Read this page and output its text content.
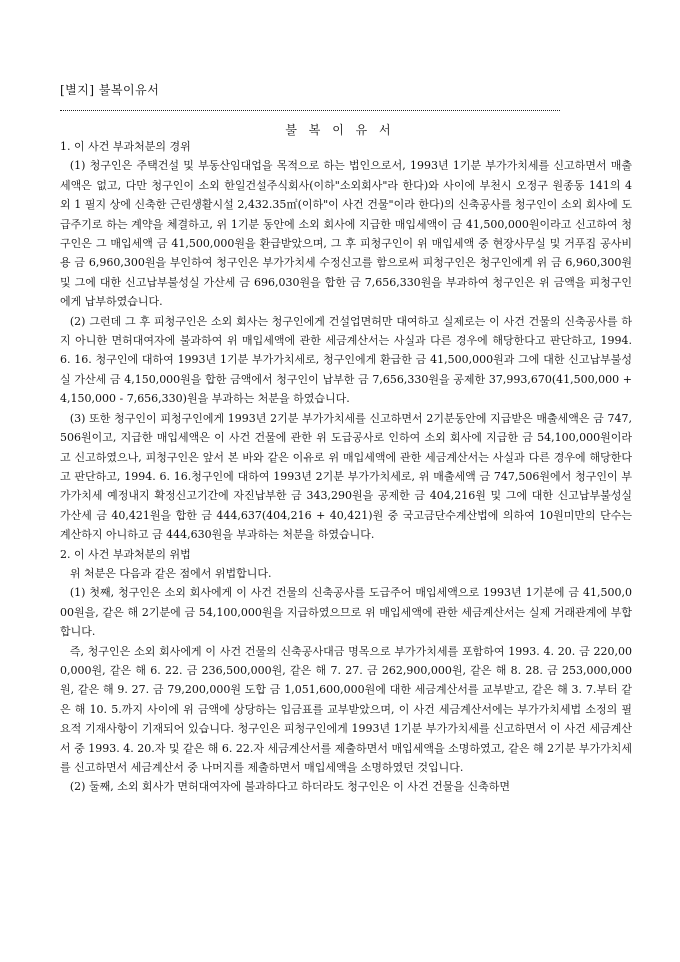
[별지] 불복이유서
불 복 이 유 서

1. 이 사건 부과처분의 경위

(1) 청구인은 주택건설 및 부동산임대업을 목적으로 하는 법인으로서, 1993년 1기분 부가가치세를 신고하면서 매출세액은 없고, 다만 청구인이 소외 한일건설주식회사(이하"소외회사"라 한다)와 사이에 부천시 오정구 원종동 141의 4 외 1 필지 상에 신축한 근린생활시설 2,432.35㎡(이하"이 사건 건물"이라 한다)의 신축공사를 청구인이 소외 회사에 도급주기로 하는 계약을 체결하고, 위 1기분 동안에 소외 회사에 지급한 매입세액이 금 41,500,000원이라고 신고하여 청구인은 그 매입세액 금 41,500,000원을 환급받았으며, 그 후 피청구인이 위 매입세액 중 현장사무실 및 거푸집 공사비용 금 6,960,300원을 부인하여 청구인은 부가가치세 수정신고를 함으로써 피청구인은 청구인에게 위 금 6,960,300원 및 그에 대한 신고납부불성실 가산세 금 696,030원을 합한 금 7,656,330원을 부과하여 청구인은 위 금액을 피청구인에게 납부하였습니다.

(2) 그런데 그 후 피청구인은 소외 회사는 청구인에게 건설업면허만 대여하고 실제로는 이 사건 건물의 신축공사를 하지 아니한 면허대여자에 불과하여 위 매입세액에 관한 세금계산서는 사실과 다른 경우에 해당한다고 판단하고, 1994. 6. 16. 청구인에 대하여 1993년 1기분 부가가치세로, 청구인에게 환급한 금 41,500,000원과 그에 대한 신고납부불성실 가산세 금 4,150,000원을 합한 금액에서 청구인이 납부한 금 7,656,330원을 공제한 37,993,670(41,500,000 + 4,150,000 - 7,656,330)원을 부과하는 처분을 하였습니다.

(3) 또한 청구인이 피청구인에게 1993년 2기분 부가가치세를 신고하면서 2기분동안에 지급받은 매출세액은 금 747,506원이고, 지급한 매입세액은 이 사건 건물에 관한 위 도급공사로 인하여 소외 회사에 지급한 금 54,100,000원이라고 신고하였으나, 피청구인은 앞서 본 바와 같은 이유로 위 매입세액에 관한 세금계산서는 사실과 다른 경우에 해당한다고 판단하고, 1994. 6. 16.청구인에 대하여 1993년 2기분 부가가치세로, 위 매출세액 금 747,506원에서 청구인이 부가가치세 예정내지 확정신고기간에 자진납부한 금 343,290원을 공제한 금 404,216원 및 그에 대한 신고납부불성실 가산세 금 40,421원을 합한 금 444,637(404,216 + 40,421)원 중 국고금단수계산법에 의하여 10원미만의 단수는 계산하지 아니하고 금 444,630원을 부과하는 처분을 하였습니다.

2. 이 사건 부과처분의 위법

위 처분은 다음과 같은 점에서 위법합니다.

(1) 첫째, 청구인은 소외 회사에게 이 사건 건물의 신축공사를 도급주어 매입세액으로 1993년 1기분에 금 41,500,000원을, 같은 해 2기분에 금 54,100,000원을 지급하였으므로 위 매입세액에 관한 세금계산서는 실제 거래관계에 부합합니다.

즉, 청구인은 소외 회사에게 이 사건 건물의 신축공사대금 명목으로 부가가치세를 포함하여 1993. 4. 20. 금 220,000,000원, 같은 해 6. 22. 금 236,500,000원, 같은 해 7. 27. 금 262,900,000원, 같은 해 8. 28. 금 253,000,000원, 같은 해 9. 27. 금 79,200,000원 도합 금 1,051,600,000원에 대한 세금계산서를 교부받고, 같은 해 3. 7.부터 같은 해 10. 5.까지 사이에 위 금액에 상당하는 입금표를 교부받았으며, 이 사건 세금계산서에는 부가가치세법 소정의 필요적 기재사항이 기재되어 있습니다. 청구인은 피청구인에게 1993년 1기분 부가가치세를 신고하면서 이 사건 세금계산서 중 1993. 4. 20.자 및 같은 해 6. 22.자 세금계산서를 제출하면서 매입세액을 소명하였고, 같은 해 2기분 부가가치세를 신고하면서 세금계산서 중 나머지를 제출하면서 매입세액을 소명하였던 것입니다.

(2) 둘째, 소외 회사가 면허대여자에 불과하다고 하더라도 청구인은 이 사건 건물을 신축하면
